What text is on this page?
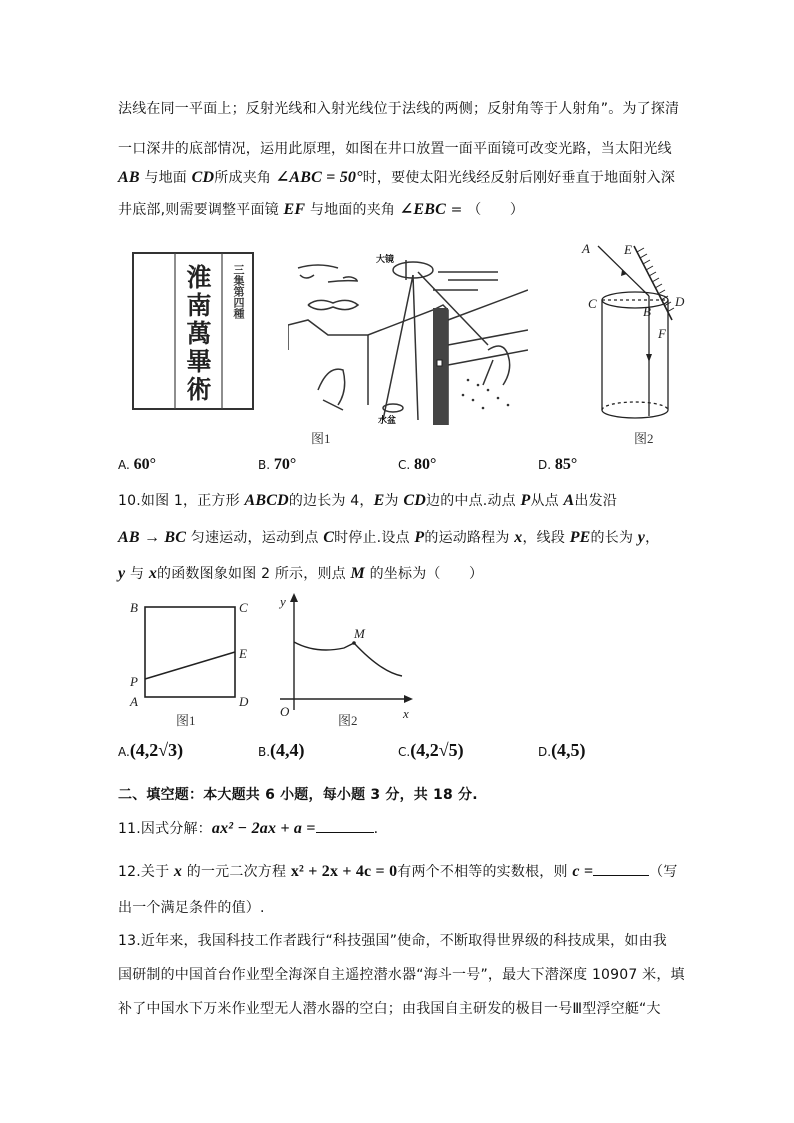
法线在同一平面上；反射光线和入射光线位于法线的两侧；反射角等于人射角”。为了探清
一口深井的底部情况，运用此原理，如图在井口放置一面平面镜可改变光路，当太阳光线
AB 与地面 CD所成夹角 ∠ABC = 50°时，要使太阳光线经反射后刚好垂直于地面射入深
井底部,则需要调整平面镜 EF 与地面的夹角 ∠EBC = （　　）
淮
南
萬
畢
術
三集第四種
大镜
水盆
图1
A	E
C
B
D
F
图2
A. 60°	B. 70°	C. 80°	D. 85°
10.如图 1，正方形 ABCD的边长为 4，E为 CD边的中点.动点 P从点 A出发沿
AB → BC 匀速运动，运动到点 C时停止.设点 P的运动路程为 x，线段 PE的长为 y，
y 与 x的函数图象如图 2 所示，则点 M 的坐标为（　　）
B	C
E
P
A	D
图1
y
M
O	x
图2
A.(4,2√3)	B.(4,4)	C.(4,2√5)	D.(4,5)
二、填空题：本大题共 6 小题，每小题 3 分，共 18 分.
11.因式分解：ax² − 2ax + a =	.
12.关于 x 的一元二次方程 x² + 2x + 4c = 0有两个不相等的实数根，则 c =	（写
出一个满足条件的值）.
13.近年来，我国科技工作者践行“科技强国”使命，不断取得世界级的科技成果，如由我
国研制的中国首台作业型全海深自主遥控潜水器“海斗一号”，最大下潜深度 10907 米，填
补了中国水下万米作业型无人潜水器的空白；由我国自主研发的极目一号Ⅲ型浮空艇“大
